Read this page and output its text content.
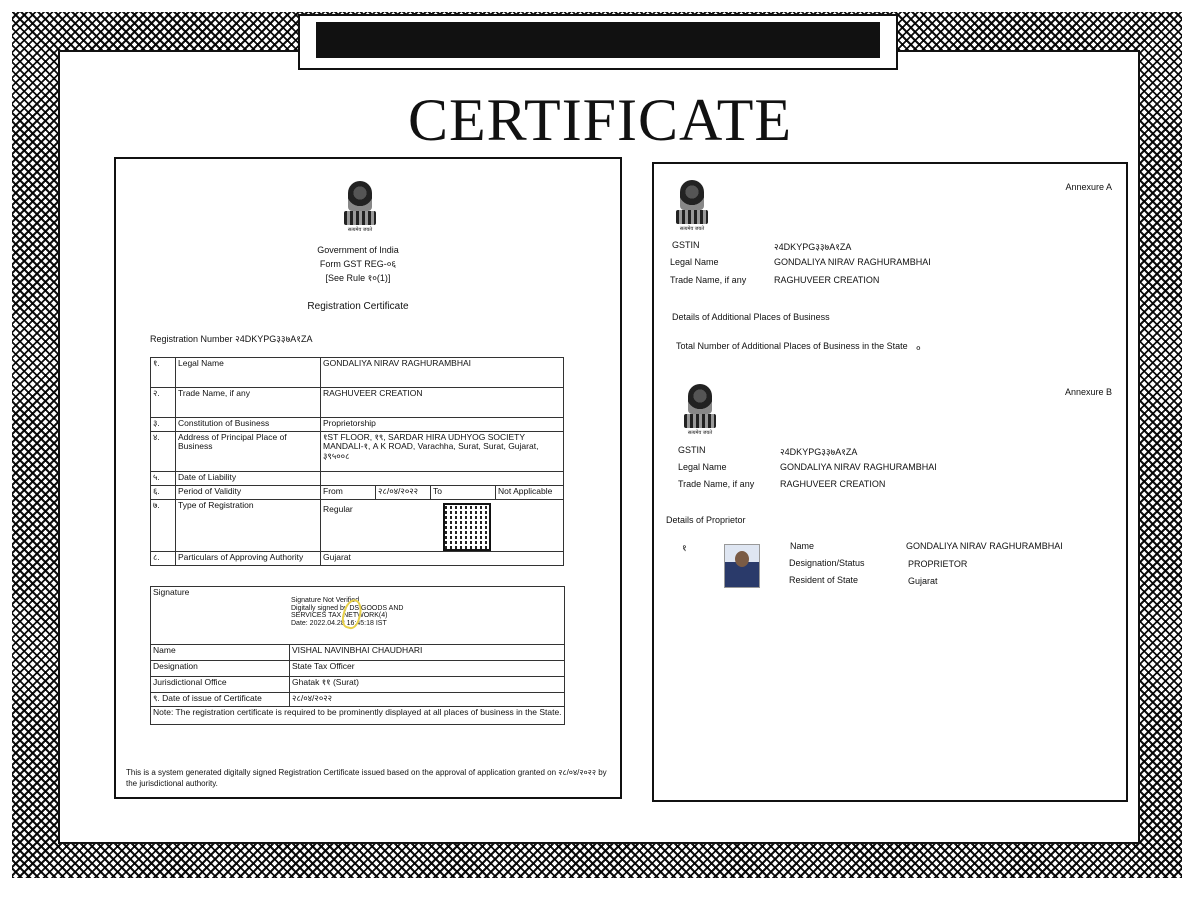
CERTIFICATE
सत्यमेव जयते
Government of India
Form GST REG-०६
[See Rule १०(1)]
Registration Certificate
Registration Number २4DKYPG३३७A१ZA
१.	Legal Name	GONDALIYA NIRAV RAGHURAMBHAI			
२.	Trade Name, if any	RAGHUVEER CREATION			
३.	Constitution of Business	Proprietorship			
४.	Address of Principal Place of Business	१ST FLOOR, १९, SARDAR HIRA UDHYOG SOCIETY MANDALI-१, A K ROAD, Varachha, Surat, Surat, Gujarat, ३९५००८			
५.	Date of Liability				
६.	Period of Validity	From	२८/०४/२०२२	To	Not Applicable
७.	Type of Registration	Regular			

८.	Particulars of Approving Authority	Gujarat			
Signature
Signature Not Verified
Digitally signed by DS GOODS AND
SERVICES TAX NETWORK(4)
Date: 2022.04.28 16:45:18 IST	

Name	VISHAL NAVINBHAI CHAUDHARI
Designation	State Tax Officer
Jurisdictional Office	Ghatak ११ (Surat)
९. Date of issue of Certificate	२८/०४/२०२२
Note: The registration certificate is required to be prominently displayed at all places of business in the State.	
This is a system generated digitally signed Registration Certificate issued based on the approval of application granted on २८/०४/२०२२ by the jurisdictional authority.
Annexure A
सत्यमेव जयते
GSTIN	२4DKYPG३३७A१ZA
Legal Name	GONDALIYA NIRAV RAGHURAMBHAI
Trade Name, if any	RAGHUVEER CREATION
Details of Additional Places of Business
Total Number of Additional Places of Business in the State ०
Annexure B
सत्यमेव जयते
GSTIN	२4DKYPG३३७A१ZA
Legal Name	GONDALIYA NIRAV RAGHURAMBHAI
Trade Name, if any	RAGHUVEER CREATION
Details of Proprietor
१	Name	GONDALIYA NIRAV RAGHURAMBHAI
Designation/Status	PROPRIETOR
Resident of State	Gujarat
